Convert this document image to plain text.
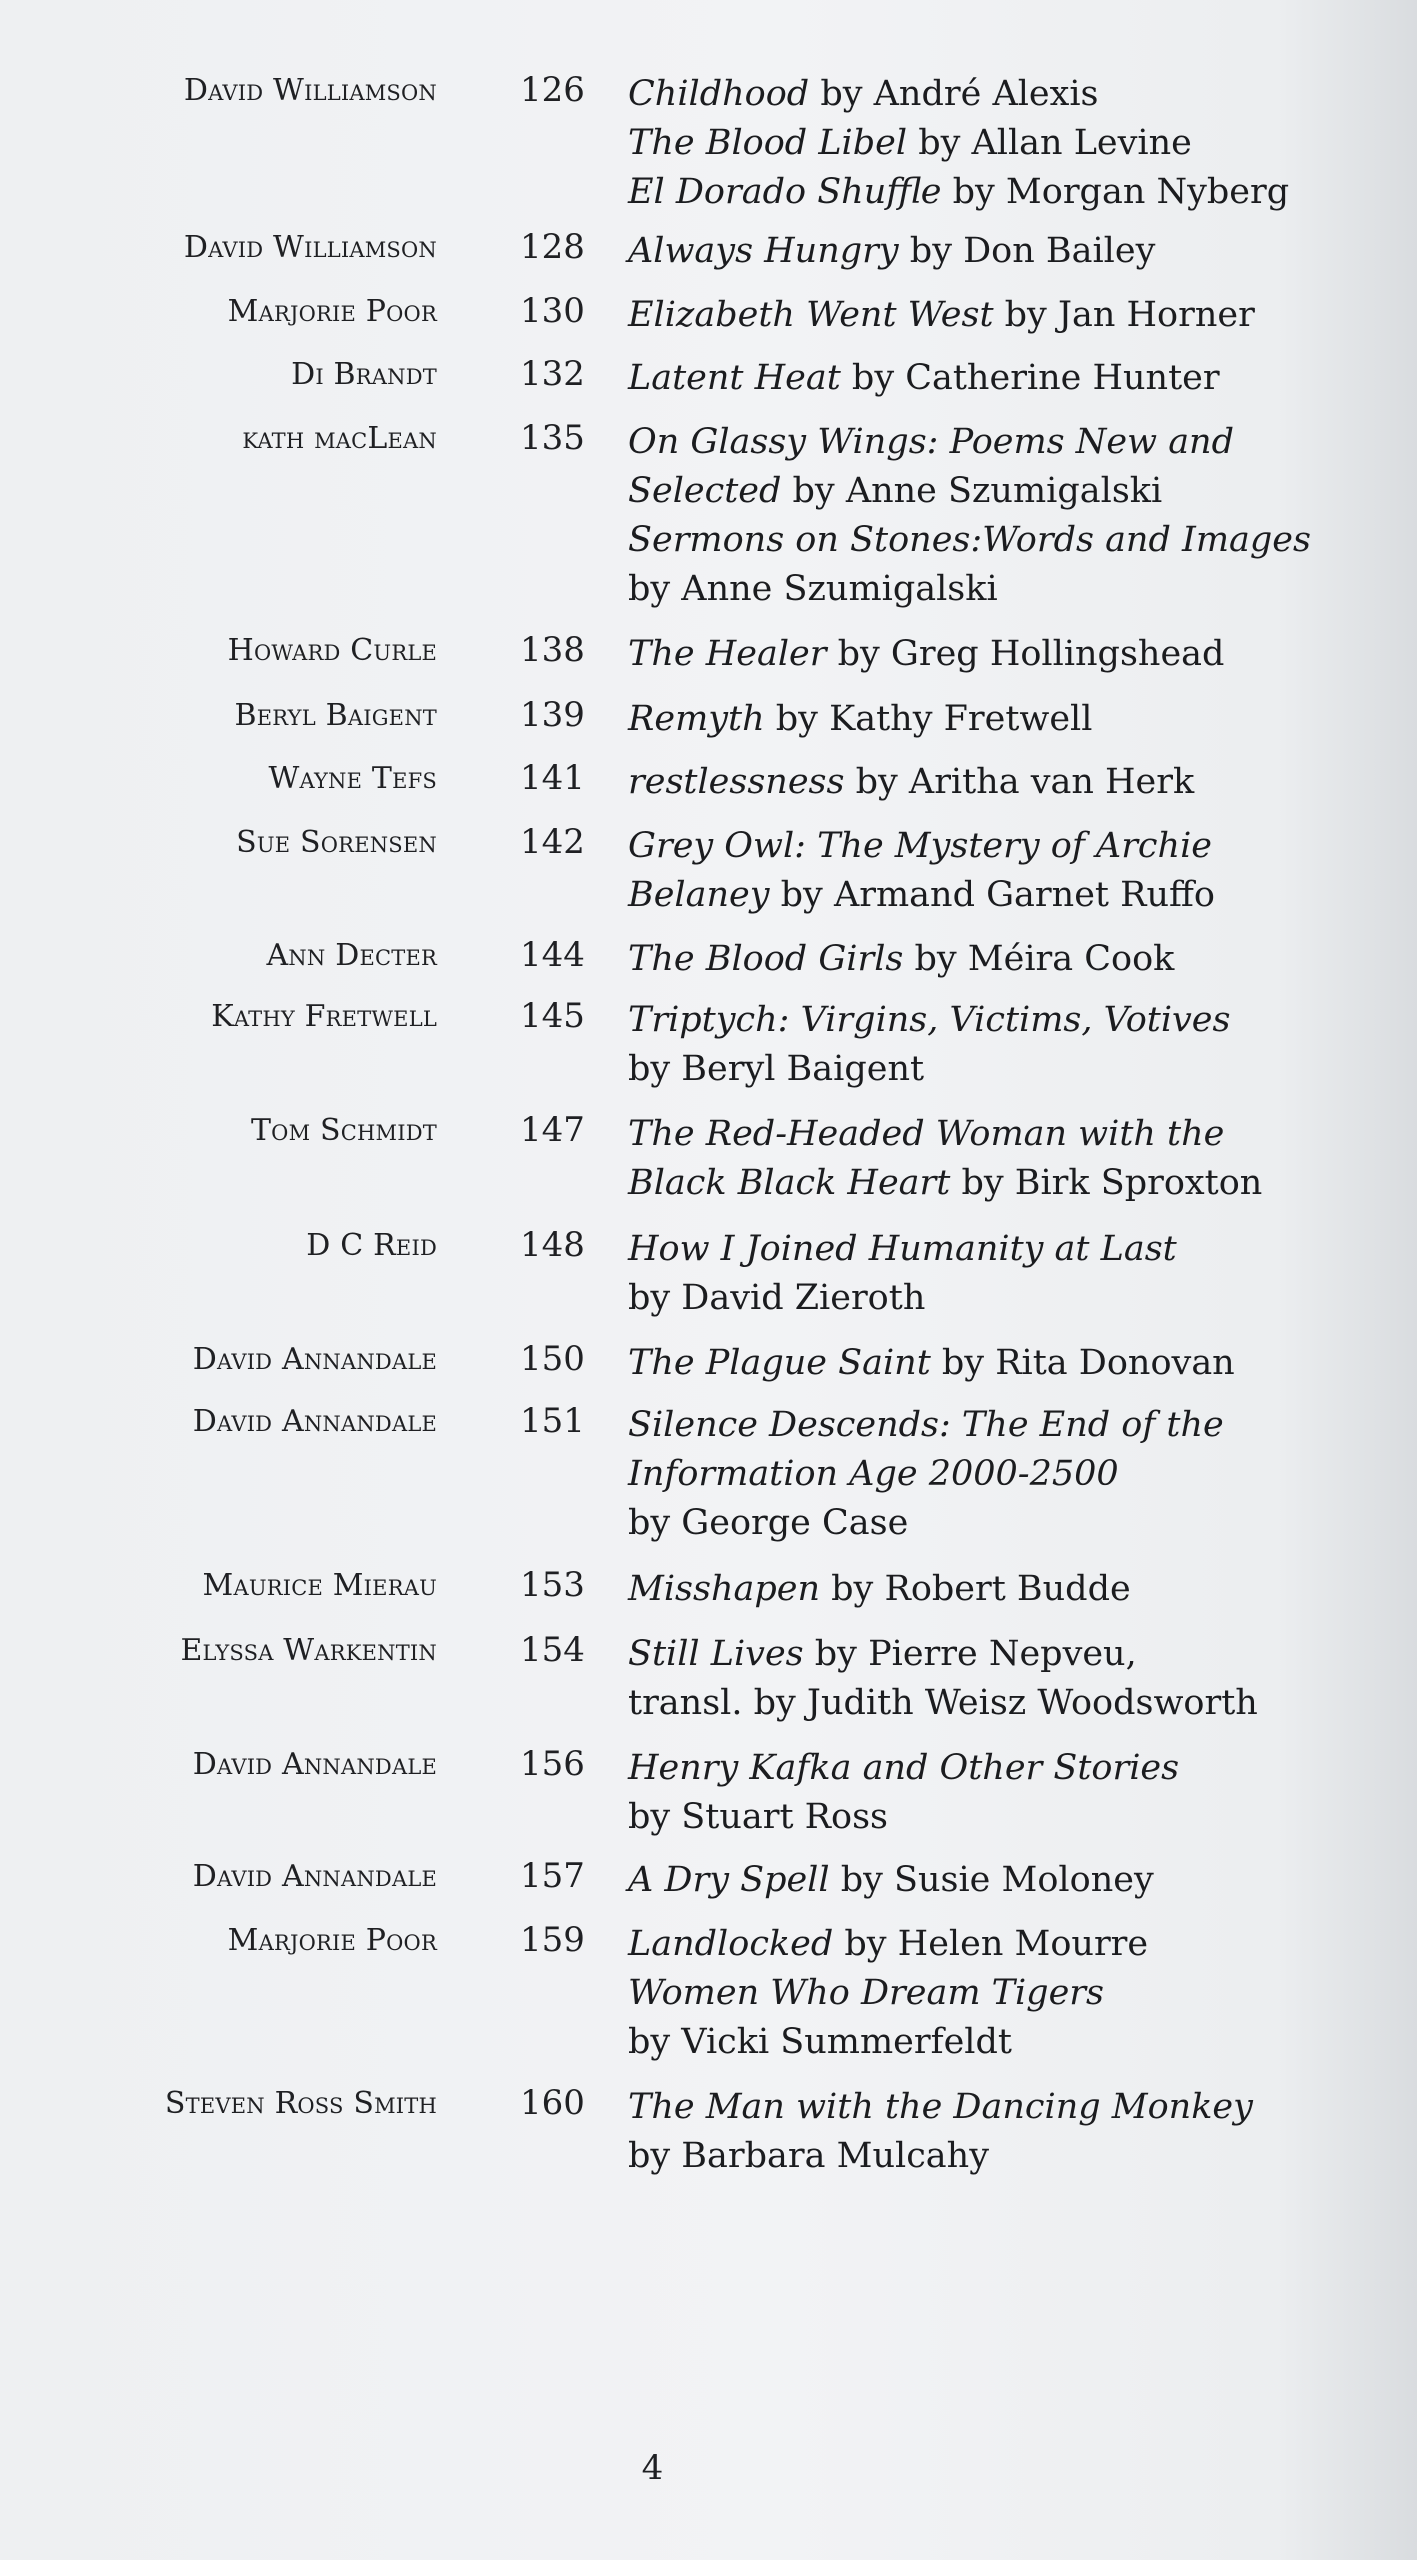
David Williamson 126 Childhood by André Alexis
The Blood Libel by Allan Levine
El Dorado Shuffle by Morgan Nyberg
David Williamson 128 Always Hungry by Don Bailey
Marjorie Poor 130 Elizabeth Went West by Jan Horner
Di Brandt 132 Latent Heat by Catherine Hunter
kath macLean 135 On Glassy Wings: Poems New and
Selected by Anne Szumigalski
Sermons on Stones:Words and Images
by Anne Szumigalski
Howard Curle 138 The Healer by Greg Hollingshead
Beryl Baigent 139 Remyth by Kathy Fretwell
Wayne Tefs 141 restlessness by Aritha van Herk
Sue Sorensen 142 Grey Owl: The Mystery of Archie
Belaney by Armand Garnet Ruffo
Ann Decter 144 The Blood Girls by Méira Cook
Kathy Fretwell 145 Triptych: Virgins, Victims, Votives
by Beryl Baigent
Tom Schmidt 147 The Red-Headed Woman with the
Black Black Heart by Birk Sproxton
D C Reid 148 How I Joined Humanity at Last
by David Zieroth
David Annandale 150 The Plague Saint by Rita Donovan
David Annandale 151 Silence Descends: The End of the
Information Age 2000-2500
by George Case
Maurice Mierau 153 Misshapen by Robert Budde
Elyssa Warkentin 154 Still Lives by Pierre Nepveu,
transl. by Judith Weisz Woodsworth
David Annandale 156 Henry Kafka and Other Stories
by Stuart Ross
David Annandale 157 A Dry Spell by Susie Moloney
Marjorie Poor 159 Landlocked by Helen Mourre
Women Who Dream Tigers
by Vicki Summerfeldt
Steven Ross Smith 160 The Man with the Dancing Monkey
by Barbara Mulcahy
4
